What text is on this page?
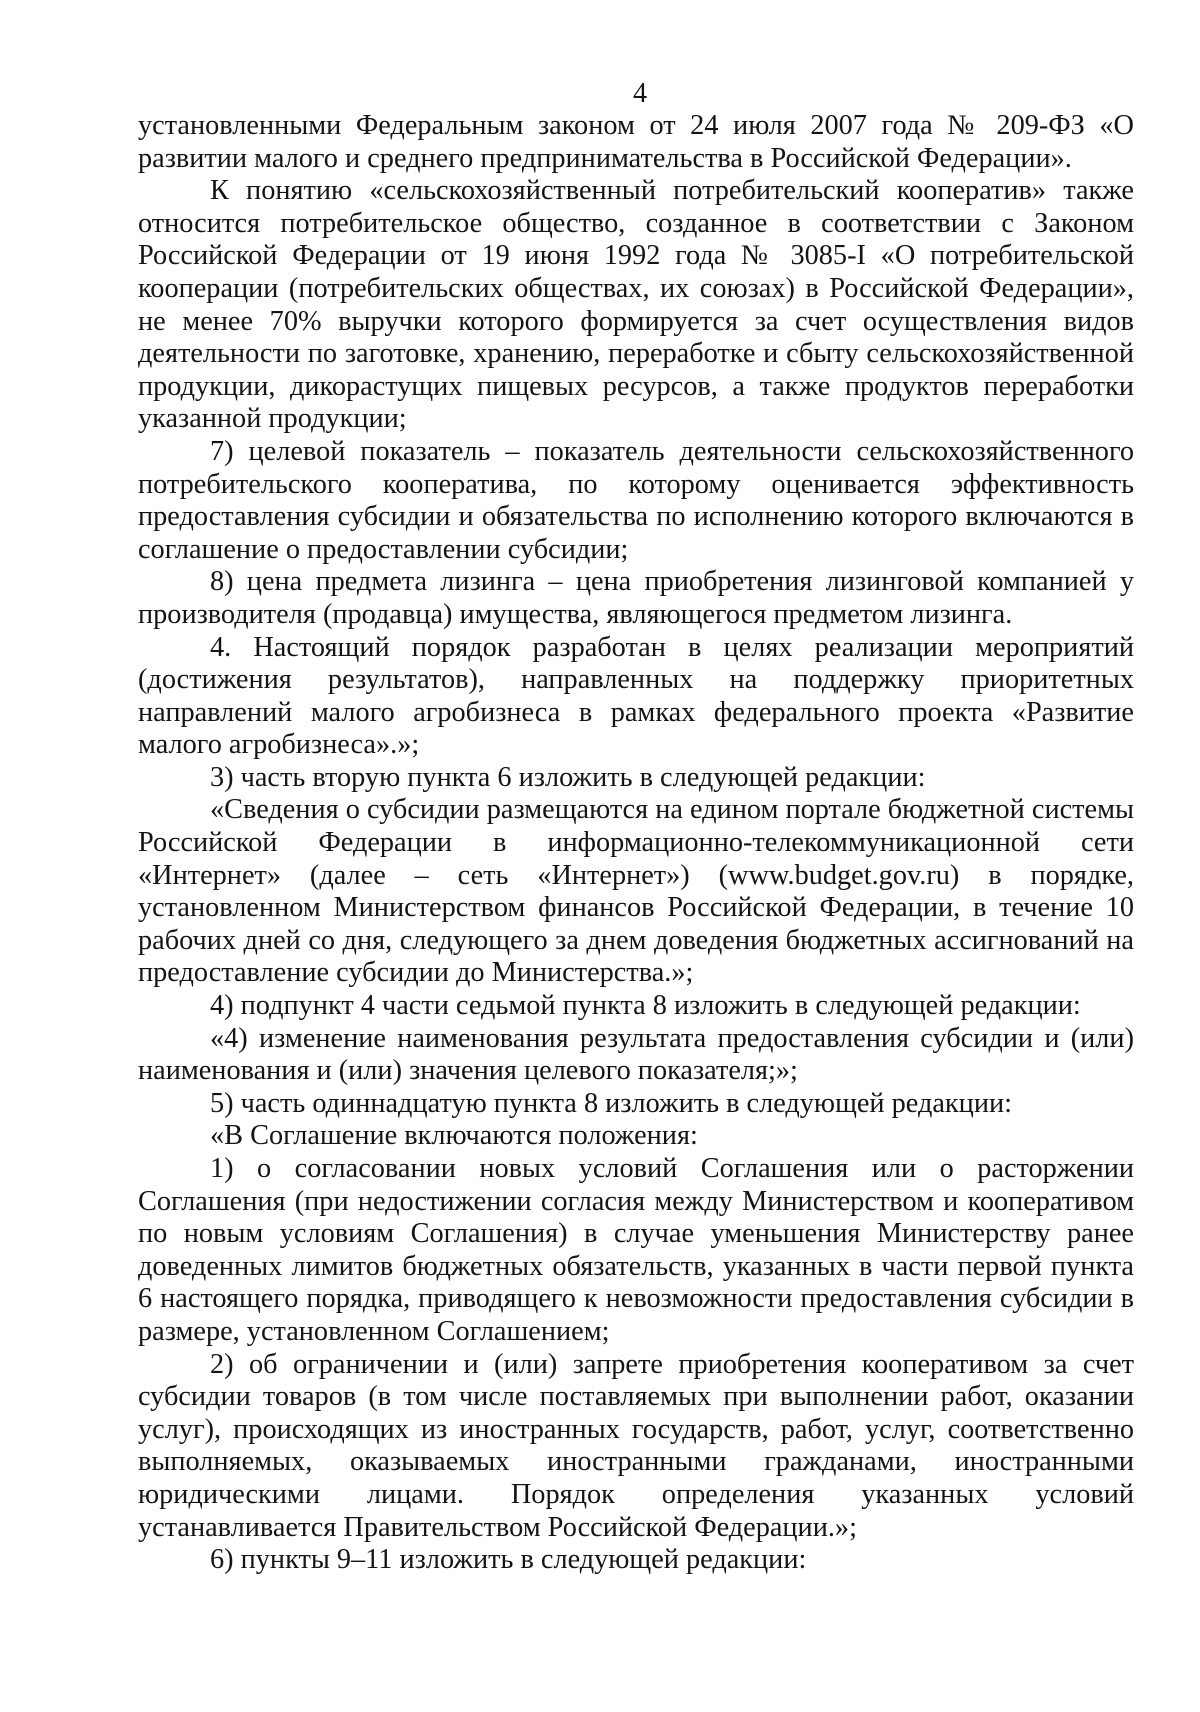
4

установленными Федеральным законом от 24 июля 2007 года № 209-ФЗ «О развитии малого и среднего предпринимательства в Российской Федерации».

К понятию «сельскохозяйственный потребительский кооператив» также относится потребительское общество, созданное в соответствии с Законом Российской Федерации от 19 июня 1992 года № 3085-I «О потребительской кооперации (потребительских обществах, их союзах) в Российской Федерации», не менее 70% выручки которого формируется за счет осуществления видов деятельности по заготовке, хранению, переработке и сбыту сельскохозяйственной продукции, дикорастущих пищевых ресурсов, а также продуктов переработки указанной продукции;

7) целевой показатель – показатель деятельности сельскохозяйственного потребительского кооператива, по которому оценивается эффективность предоставления субсидии и обязательства по исполнению которого включаются в соглашение о предоставлении субсидии;

8) цена предмета лизинга – цена приобретения лизинговой компанией у производителя (продавца) имущества, являющегося предметом лизинга.

4. Настоящий порядок разработан в целях реализации мероприятий (достижения результатов), направленных на поддержку приоритетных направлений малого агробизнеса в рамках федерального проекта «Развитие малого агробизнеса».»;

3) часть вторую пункта 6 изложить в следующей редакции:

«Сведения о субсидии размещаются на едином портале бюджетной системы Российской Федерации в информационно-телекоммуникационной сети «Интернет» (далее – сеть «Интернет») (www.budget.gov.ru) в порядке, установленном Министерством финансов Российской Федерации, в течение 10 рабочих дней со дня, следующего за днем доведения бюджетных ассигнований на предоставление субсидии до Министерства.»;

4) подпункт 4 части седьмой пункта 8 изложить в следующей редакции:

«4) изменение наименования результата предоставления субсидии и (или) наименования и (или) значения целевого показателя;»;

5) часть одиннадцатую пункта 8 изложить в следующей редакции:

«В Соглашение включаются положения:

1) о согласовании новых условий Соглашения или о расторжении Соглашения (при недостижении согласия между Министерством и кооперативом по новым условиям Соглашения) в случае уменьшения Министерству ранее доведенных лимитов бюджетных обязательств, указанных в части первой пункта 6 настоящего порядка, приводящего к невозможности предоставления субсидии в размере, установленном Соглашением;

2) об ограничении и (или) запрете приобретения кооперативом за счет субсидии товаров (в том числе поставляемых при выполнении работ, оказании услуг), происходящих из иностранных государств, работ, услуг, соответственно выполняемых, оказываемых иностранными гражданами, иностранными юридическими лицами. Порядок определения указанных условий устанавливается Правительством Российской Федерации.»;

6) пункты 9–11 изложить в следующей редакции:
